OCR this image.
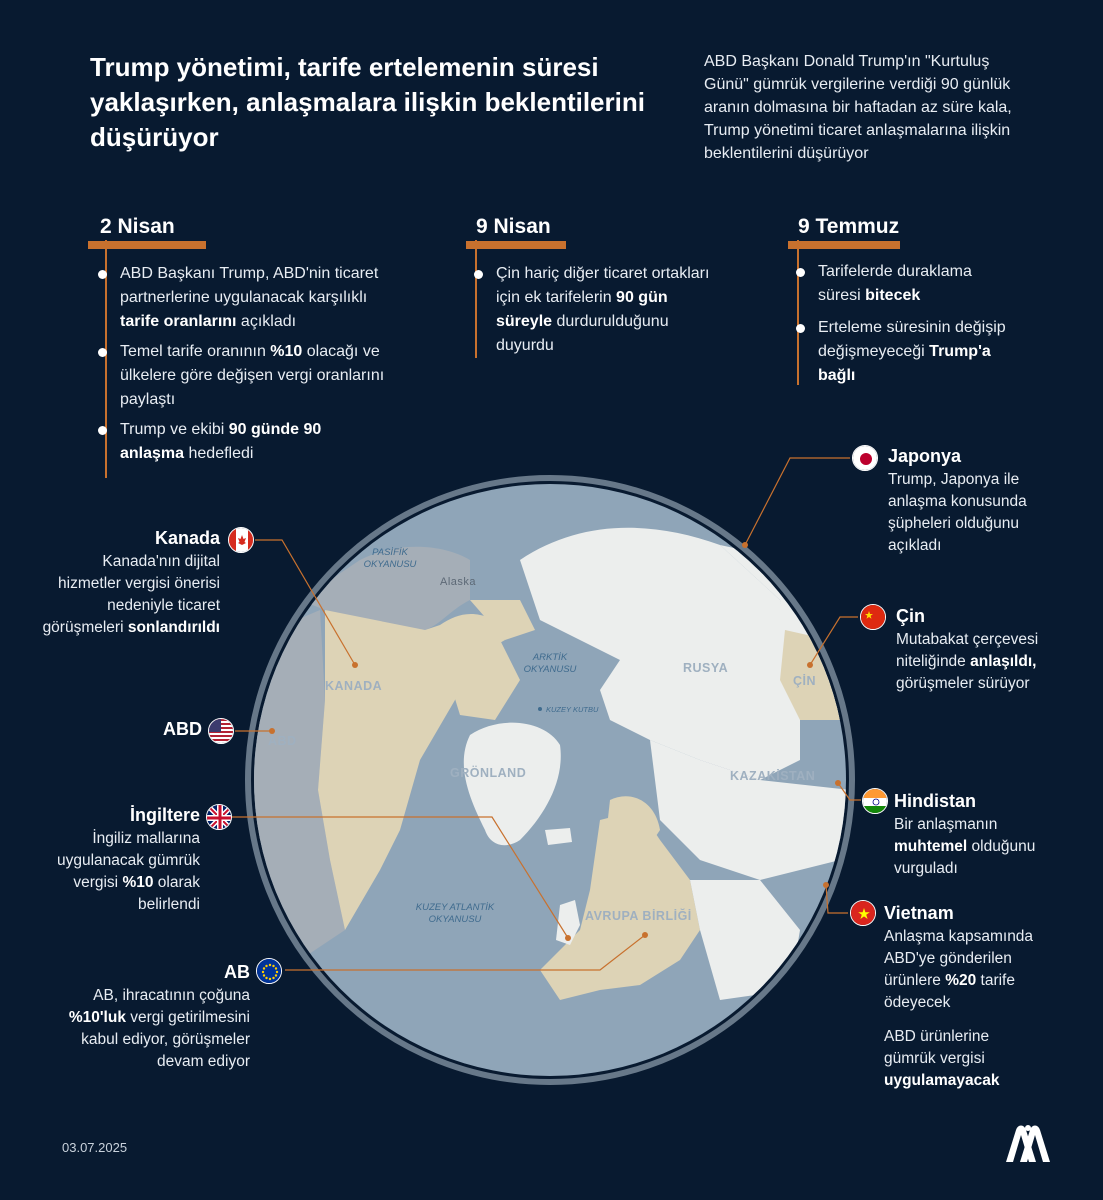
Trump yönetimi, tarife ertelemenin süresi yaklaşırken, anlaşmalara ilişkin beklentilerini düşürüyor
ABD Başkanı Donald Trump'ın "Kurtuluş Günü" gümrük vergilerine verdiği 90 günlük aranın dolmasına bir haftadan az süre kala, Trump yönetimi ticaret anlaşmalarına ilişkin beklentilerini düşürüyor
2 Nisan
ABD Başkanı Trump, ABD'nin ticaret partnerlerine uygulanacak karşılıklı tarife oranlarını açıkladı
Temel tarife oranının %10 olacağı ve ülkelere göre değişen vergi oranlarını paylaştı
Trump ve ekibi 90 günde 90 anlaşma hedefledi
9 Nisan
Çin hariç diğer ticaret ortakları için ek tarifelerin 90 gün süreyle durdurulduğunu duyurdu
9 Temmuz
Tarifelerde duraklama süresi bitecek
Erteleme süresinin değişip değişmeyeceği Trump'a bağlı
PASİFİK
OKYANUSU
Alaska
ARKTİK
OKYANUSU
KUZEY KUTBU
KANADA
ABD
GRÖNLAND
RUSYA
ÇİN
KAZAKİSTAN
KUZEY ATLANTİK
OKYANUSU	AVRUPA BİRLİĞİ
Kanada
Kanada'nın dijital hizmetler vergisi önerisi nedeniyle ticaret görüşmeleri sonlandırıldı
ABD
İngiltere
İngiliz mallarına uygulanacak gümrük vergisi %10 olarak belirlendi
AB
AB, ihracatının çoğuna %10'luk vergi getirilmesini kabul ediyor, görüşmeler devam ediyor
Japonya
Trump, Japonya ile anlaşma konusunda şüpheleri olduğunu açıkladı
Çin
Mutabakat çerçevesi niteliğinde anlaşıldı, görüşmeler sürüyor
Hindistan
Bir anlaşmanın muhtemel olduğunu vurguladı
Vietnam
Anlaşma kapsamında ABD'ye gönderilen ürünlere %20 tarife ödeyecek
ABD ürünlerine gümrük vergisi uygulamayacak
03.07.2025
